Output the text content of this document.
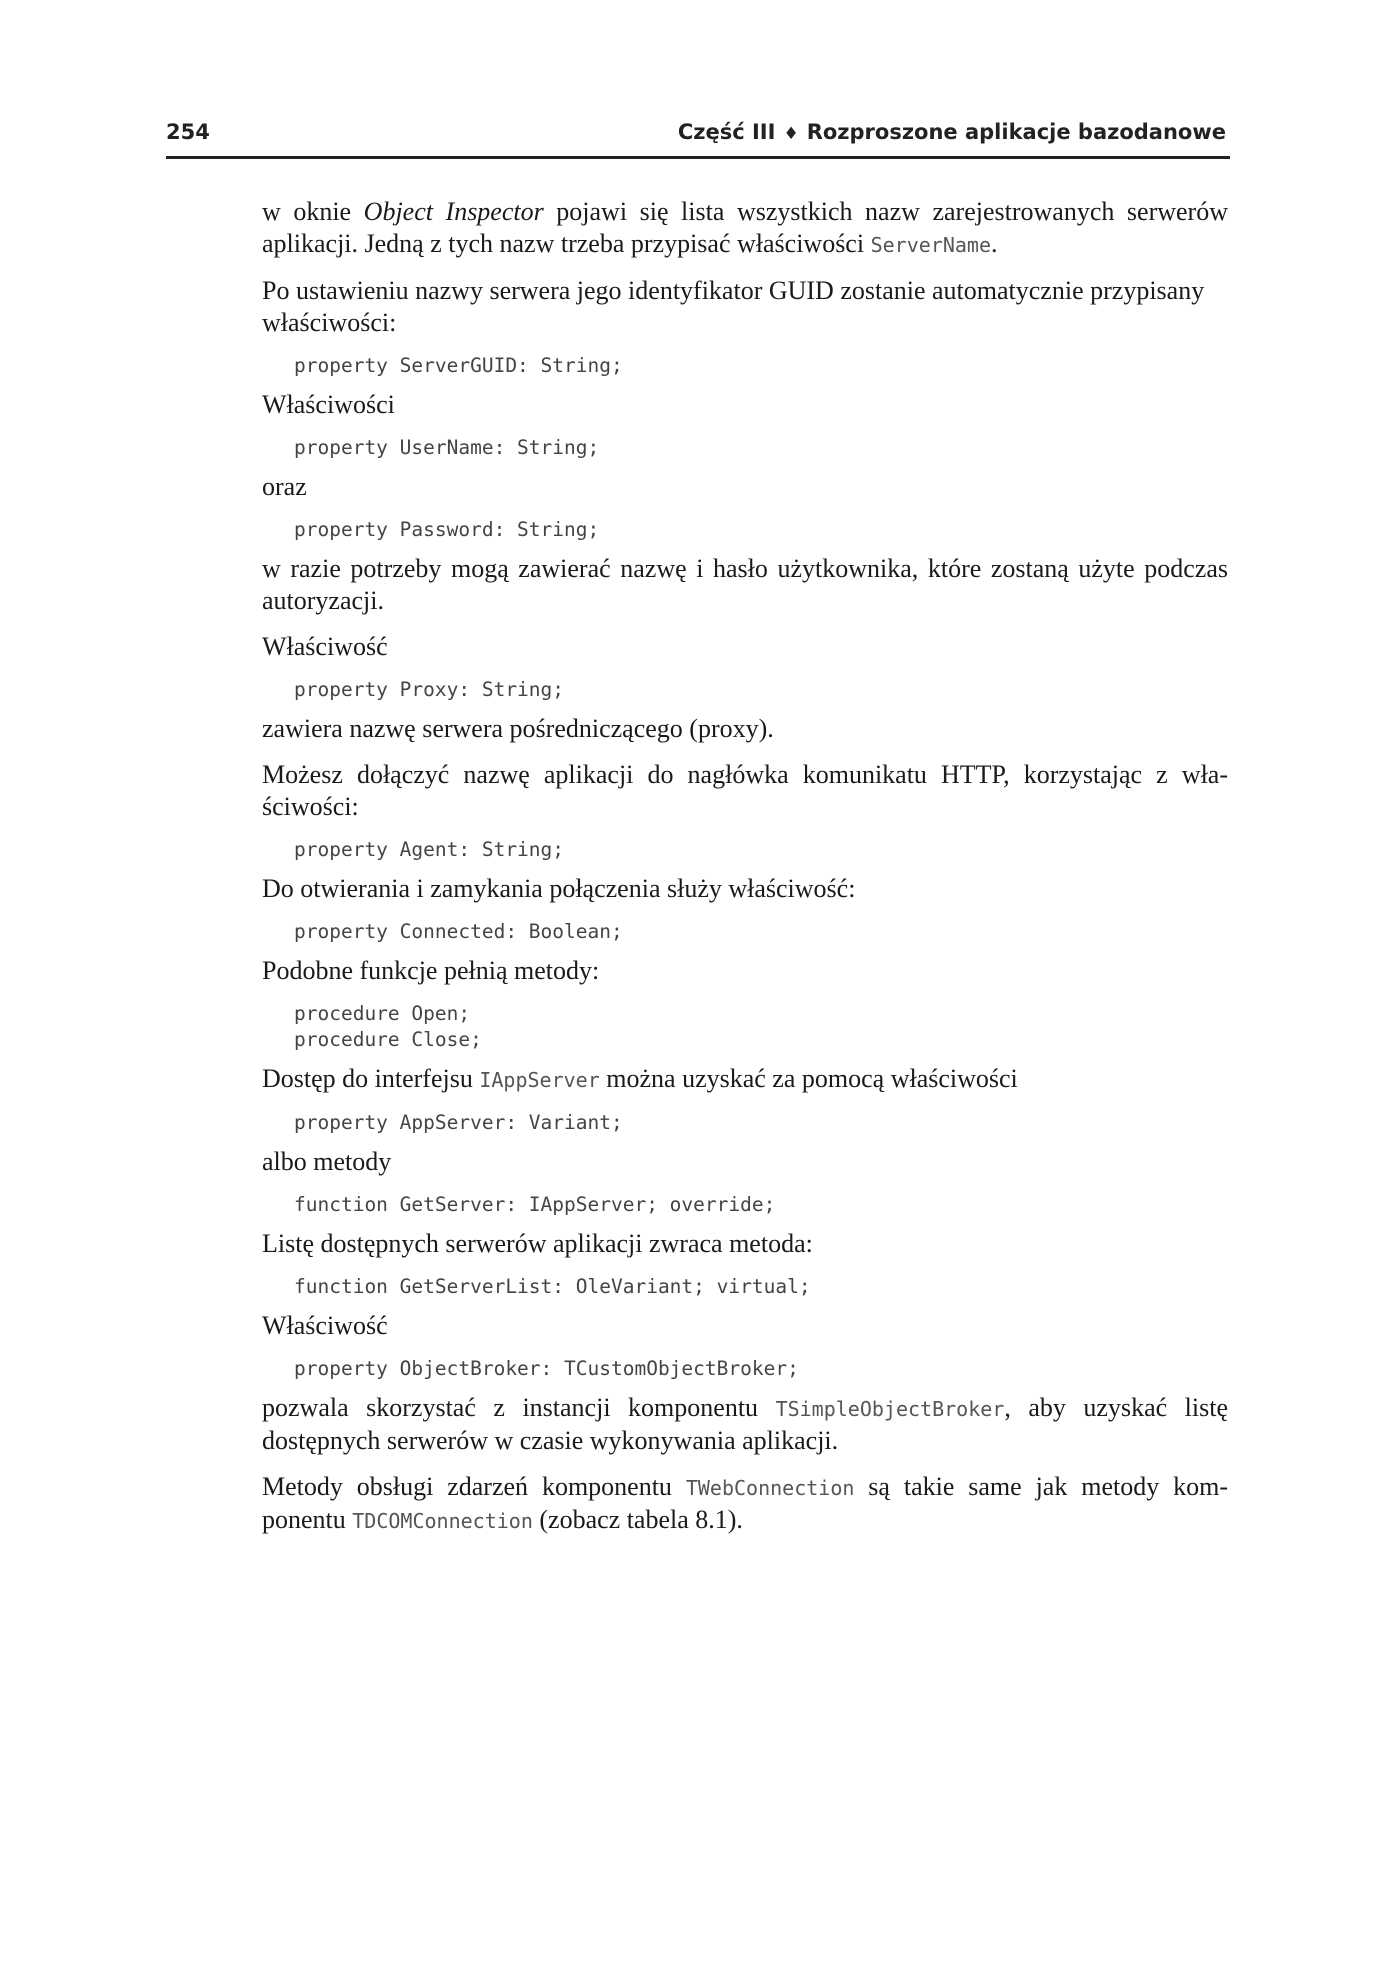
254	Część III ♦ Rozproszone aplikacje bazodanowe

w oknie Object Inspector pojawi się lista wszystkich nazw zarejestrowanych serwerów aplikacji. Jedną z tych nazw trzeba przypisać właściwości ServerName.

Po ustawieniu nazwy serwera jego identyfikator GUID zostanie automatycznie przypisany właściwości:

property ServerGUID: String;

Właściwości

property UserName: String;

oraz

property Password: String;

w razie potrzeby mogą zawierać nazwę i hasło użytkownika, które zostaną użyte podczas autoryzacji.

Właściwość

property Proxy: String;

zawiera nazwę serwera pośredniczącego (proxy).

Możesz dołączyć nazwę aplikacji do nagłówka komunikatu HTTP, korzystając z wła-ściwości:

property Agent: String;

Do otwierania i zamykania połączenia służy właściwość:

property Connected: Boolean;

Podobne funkcje pełnią metody:

procedure Open;
procedure Close;

Dostęp do interfejsu IAppServer można uzyskać za pomocą właściwości

property AppServer: Variant;

albo metody

function GetServer: IAppServer; override;

Listę dostępnych serwerów aplikacji zwraca metoda:

function GetServerList: OleVariant; virtual;

Właściwość

property ObjectBroker: TCustomObjectBroker;

pozwala skorzystać z instancji komponentu TSimpleObjectBroker, aby uzyskać listę dostępnych serwerów w czasie wykonywania aplikacji.

Metody obsługi zdarzeń komponentu TWebConnection są takie same jak metody kom-ponentu TDCOMConnection (zobacz tabela 8.1).
